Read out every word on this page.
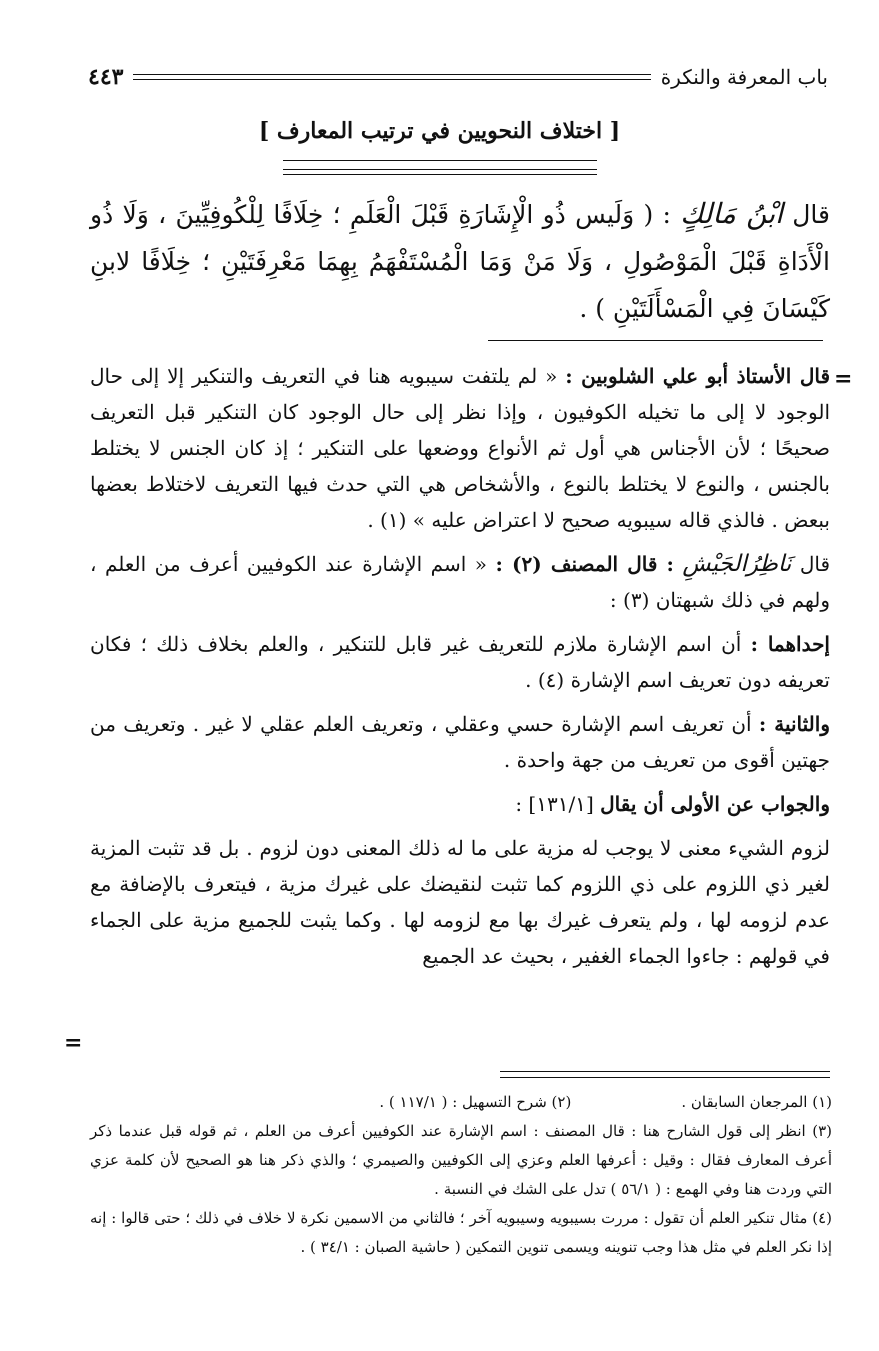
باب المعرفة والنكرة
٤٤٣
[ اختلاف النحويين في ترتيب المعارف ]
قال ابْنُ مَالِكٍ : ( وَلَيس ذُو الْإِشَارَةِ قَبْلَ الْعَلَمِ ؛ خِلَافًا لِلْكُوفِيِّينَ ، وَلَا ذُو الْأَدَاةِ قَبْلَ الْمَوْصُولِ ، وَلَا مَنْ وَمَا الْمُسْتَفْهَمُ بِهِمَا مَعْرِفَتَيْنِ ؛ خِلَافًا لابنِ كَيْسَانَ فِي الْمَسْأَلَتَيْنِ ) .
=
=

قال الأستاذ أبو علي الشلوبين : « لم يلتفت سيبويه هنا في التعريف والتنكير إلا إلى حال الوجود لا إلى ما تخيله الكوفيون ، وإذا نظر إلى حال الوجود كان التنكير قبل التعريف صحيحًا ؛ لأن الأجناس هي أول ثم الأنواع ووضعها على التنكير ؛ إذ كان الجنس لا يختلط بالجنس ، والنوع لا يختلط بالنوع ، والأشخاص هي التي حدث فيها التعريف لاختلاط بعضها ببعض . فالذي قاله سيبويه صحيح لا اعتراض عليه » (١) .

قال نَاظِرُالجَيْشِ : قال المصنف (٢) : « اسم الإشارة عند الكوفيين أعرف من العلم ، ولهم في ذلك شبهتان (٣) :

إحداهما : أن اسم الإشارة ملازم للتعريف غير قابل للتنكير ، والعلم بخلاف ذلك ؛ فكان تعريفه دون تعريف اسم الإشارة (٤) .

والثانية : أن تعريف اسم الإشارة حسي وعقلي ، وتعريف العلم عقلي لا غير . وتعريف من جهتين أقوى من تعريف من جهة واحدة .

والجواب عن الأولى أن يقال [١٣١/١] :

لزوم الشيء معنى لا يوجب له مزية على ما له ذلك المعنى دون لزوم . بل قد تثبت المزية لغير ذي اللزوم على ذي اللزوم كما تثبت لنقيضك على غيرك مزية ، فيتعرف بالإضافة مع عدم لزومه لها ، ولم يتعرف غيرك بها مع لزومه لها . وكما يثبت للجميع مزية على الجماء في قولهم : جاءوا الجماء الغفير ، بحيث عد الجميع

(١) المرجعان السابقان .
(٢) شرح التسهيل : ( ١١٧/١ ) .

(٣) انظر إلى قول الشارح هنا : قال المصنف : اسم الإشارة عند الكوفيين أعرف من العلم ، ثم قوله قبل عندما ذكر أعرف المعارف فقال : وقيل : أعرفها العلم وعزي إلى الكوفيين والصيمري ؛ والذي ذكر هنا هو الصحيح لأن كلمة عزي التي وردت هنا وفي الهمع : ( ٥٦/١ ) تدل على الشك في النسبة .

(٤) مثال تنكير العلم أن تقول : مررت بسيبويه وسيبويه آخر ؛ فالثاني من الاسمين نكرة لا خلاف في ذلك ؛ حتى قالوا : إنه إذا نكر العلم في مثل هذا وجب تنوينه ويسمى تنوين التمكين ( حاشية الصبان : ٣٤/١ ) .
